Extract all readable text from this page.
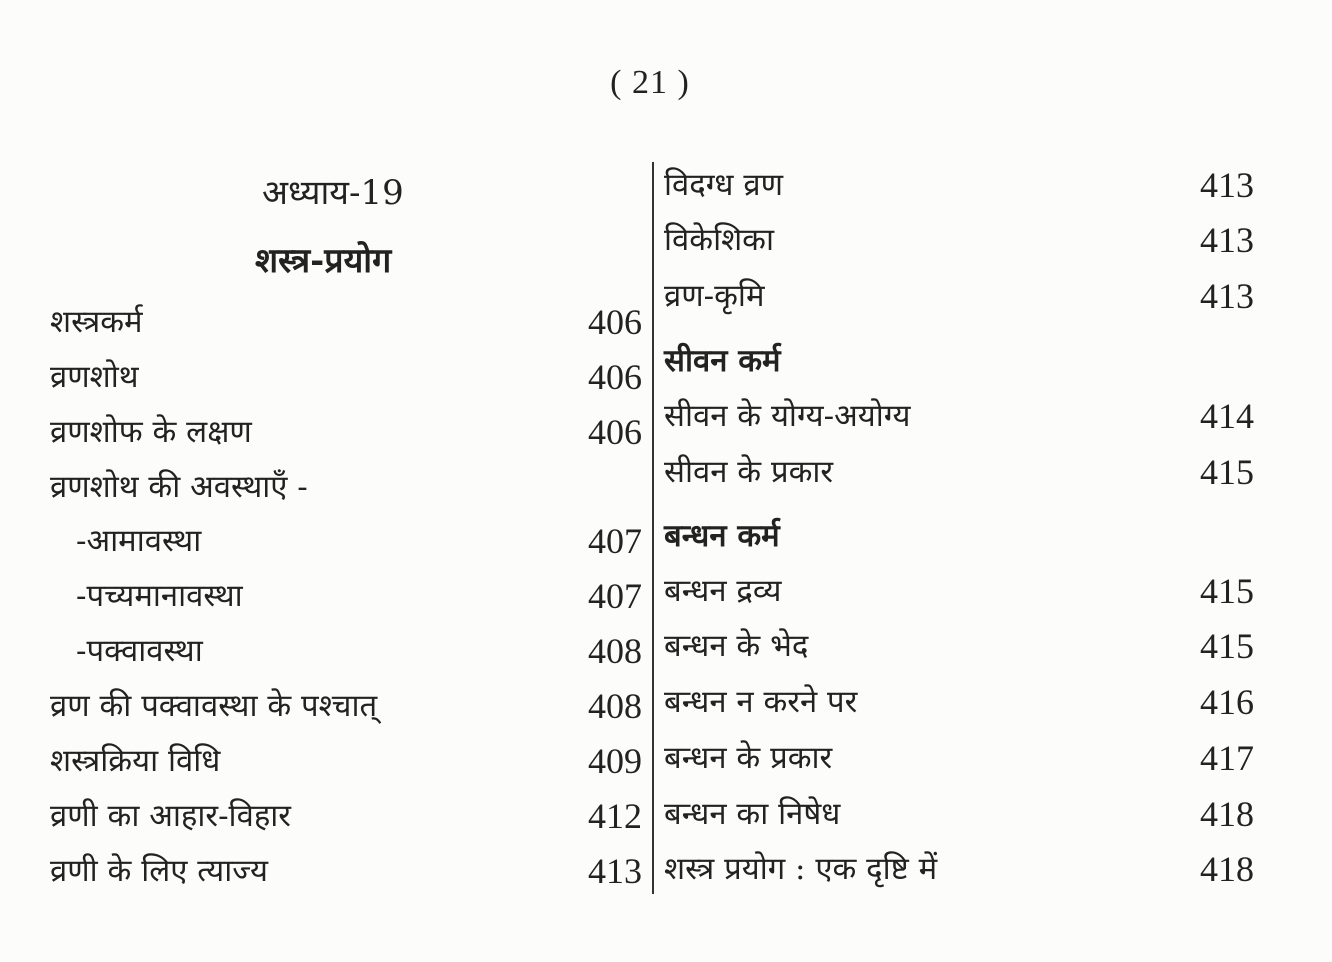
( 21 )
अध्याय-19
शस्त्र-प्रयोग
शस्त्रकर्म	406
व्रणशोथ	406
व्रणशोफ के लक्षण	406
व्रणशोथ की अवस्थाएँ -
-आमावस्था	407
-पच्यमानावस्था	407
-पक्वावस्था	408
व्रण की पक्वावस्था के पश्चात्	408
शस्त्रक्रिया विधि	409
व्रणी का आहार-विहार	412
व्रणी के लिए त्याज्य	413
विदग्ध व्रण	413
विकेशिका	413
व्रण-कृमि	413
सीवन कर्म
सीवन के योग्य-अयोग्य	414
सीवन के प्रकार	415
बन्धन कर्म
बन्धन द्रव्य	415
बन्धन के भेद	415
बन्धन न करने पर	416
बन्धन के प्रकार	417
बन्धन का निषेध	418
शस्त्र प्रयोग : एक दृष्टि में	418
